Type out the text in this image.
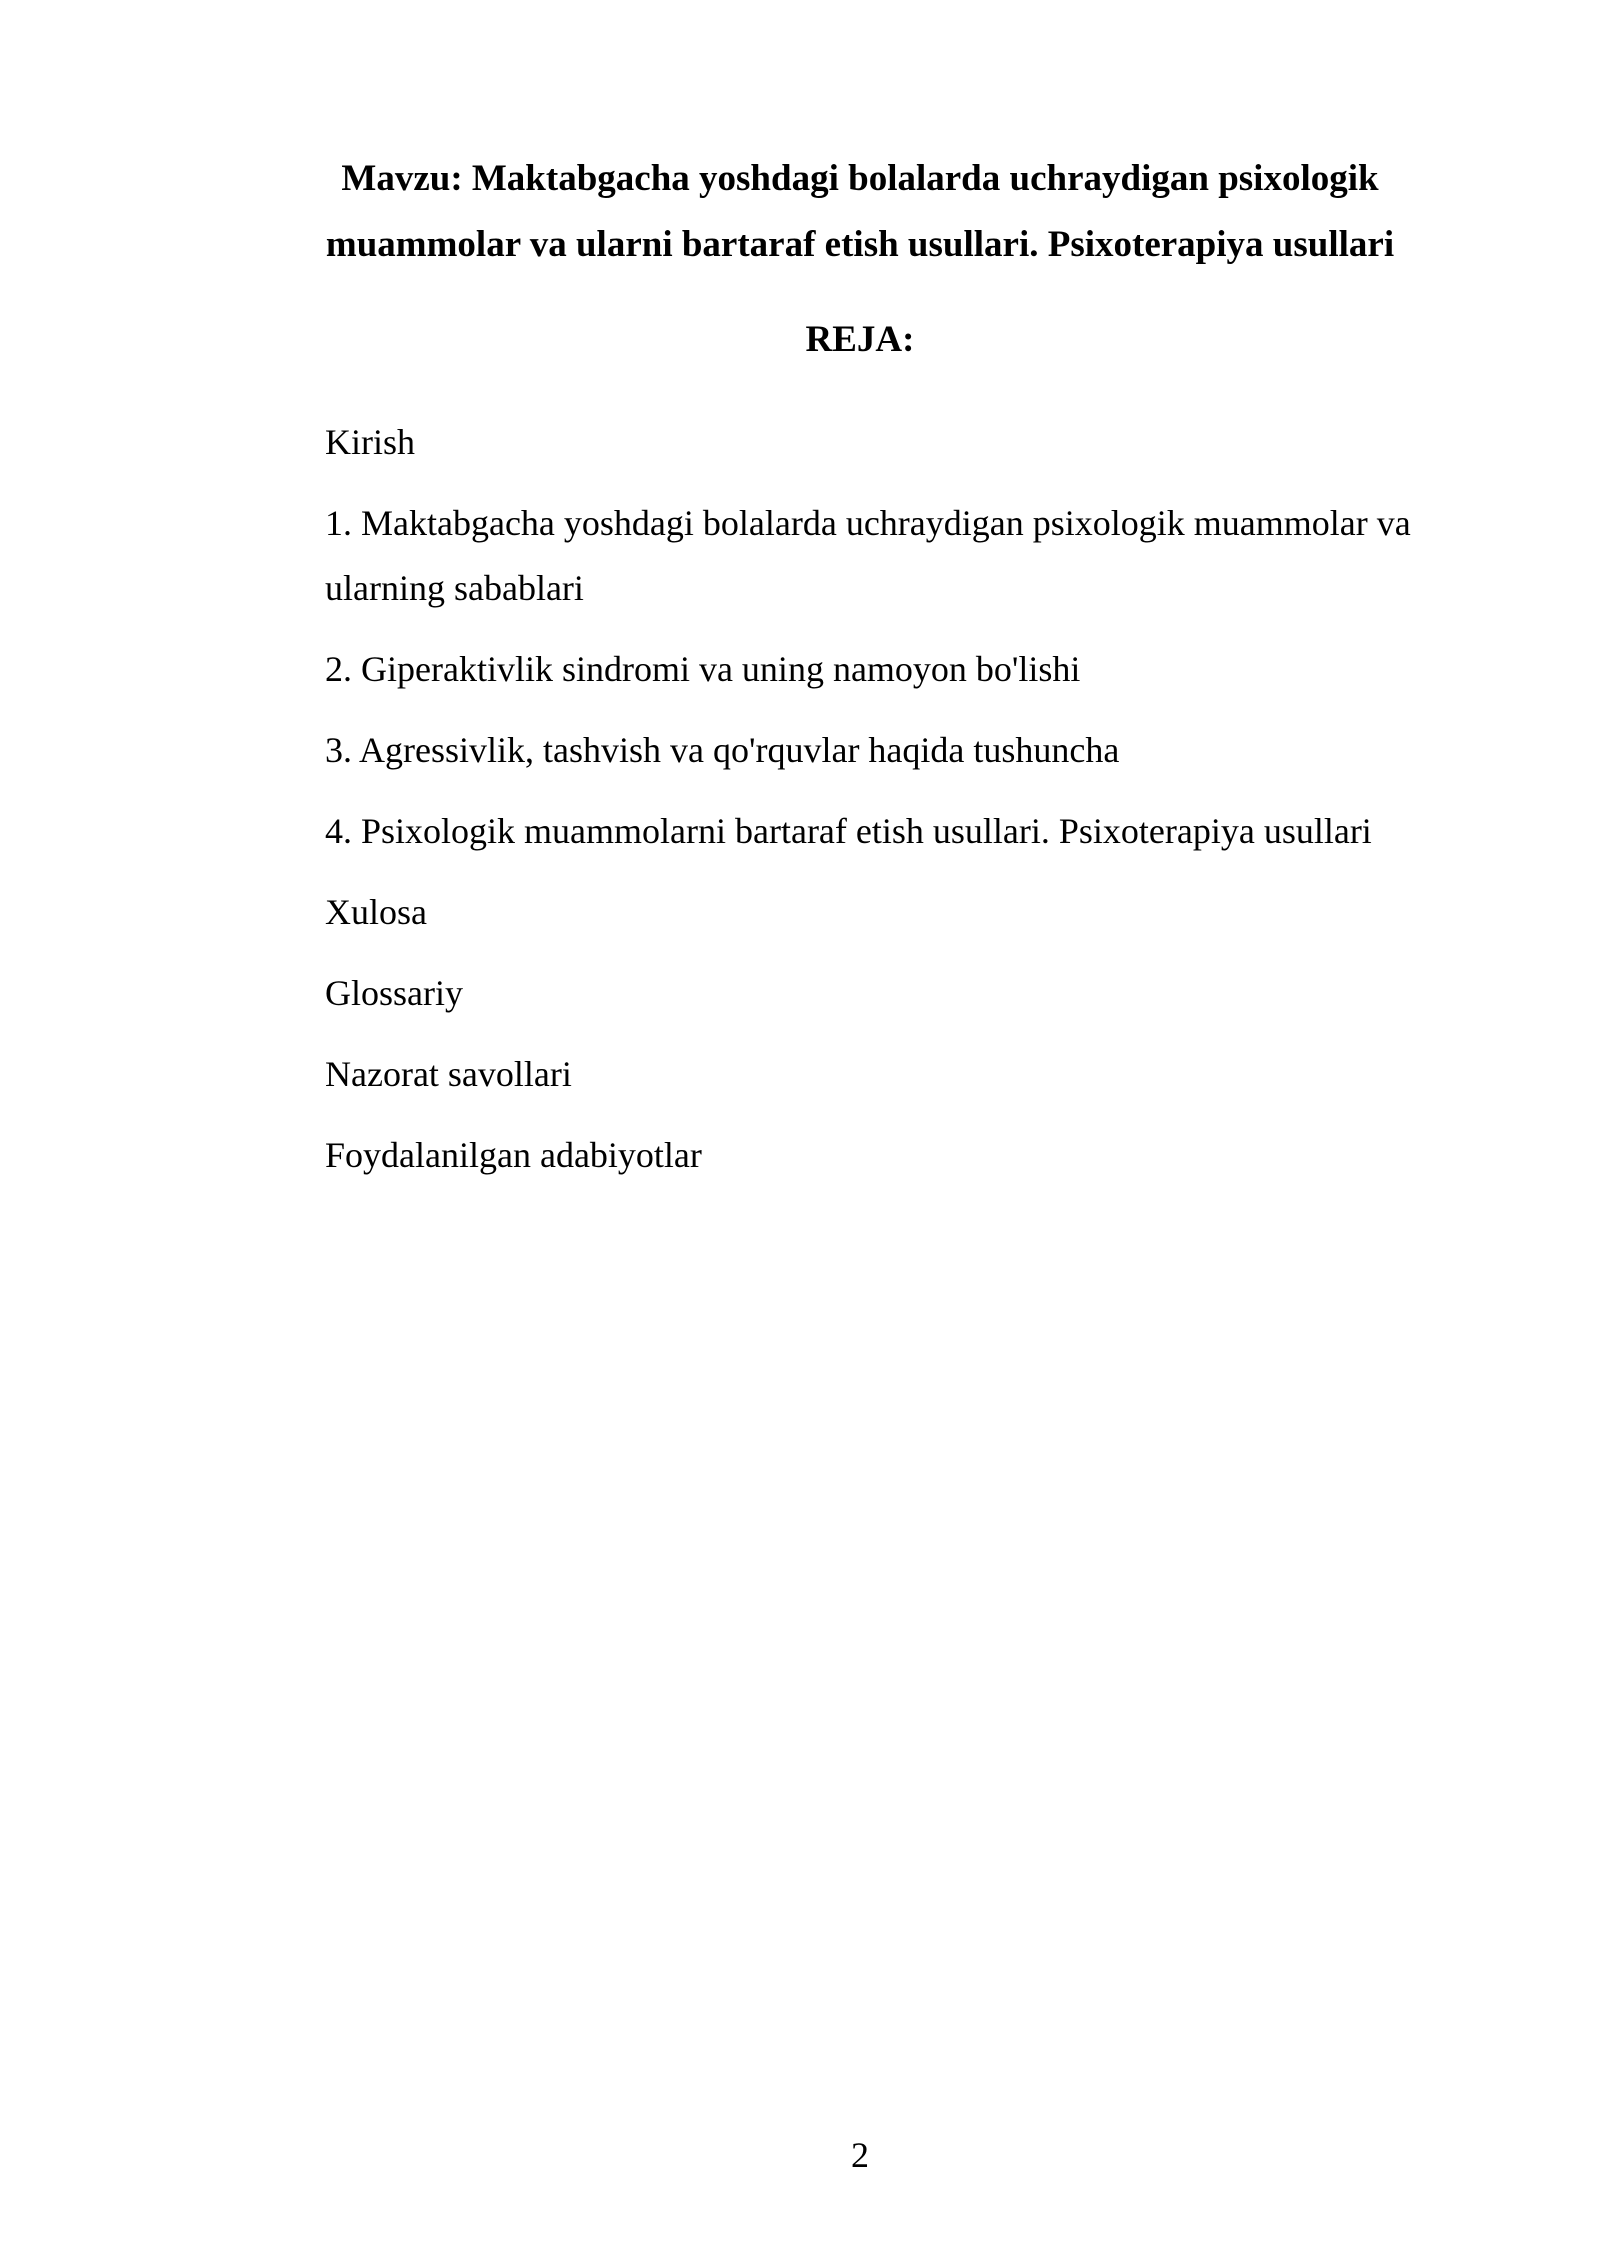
Mavzu: Maktabgacha yoshdagi bolalarda uchraydigan psixologik muammolar va ularni bartaraf etish usullari. Psixoterapiya usullari
REJA:
Kirish
1. Maktabgacha yoshdagi bolalarda uchraydigan psixologik muammolar va ularning sabablari
2. Giperaktivlik sindromi va uning namoyon bo'lishi
3. Agressivlik, tashvish va qo'rquvlar haqida tushuncha
4. Psixologik muammolarni bartaraf etish usullari. Psixoterapiya usullari
Xulosa
Glossariy
Nazorat savollari
Foydalanilgan adabiyotlar
2
